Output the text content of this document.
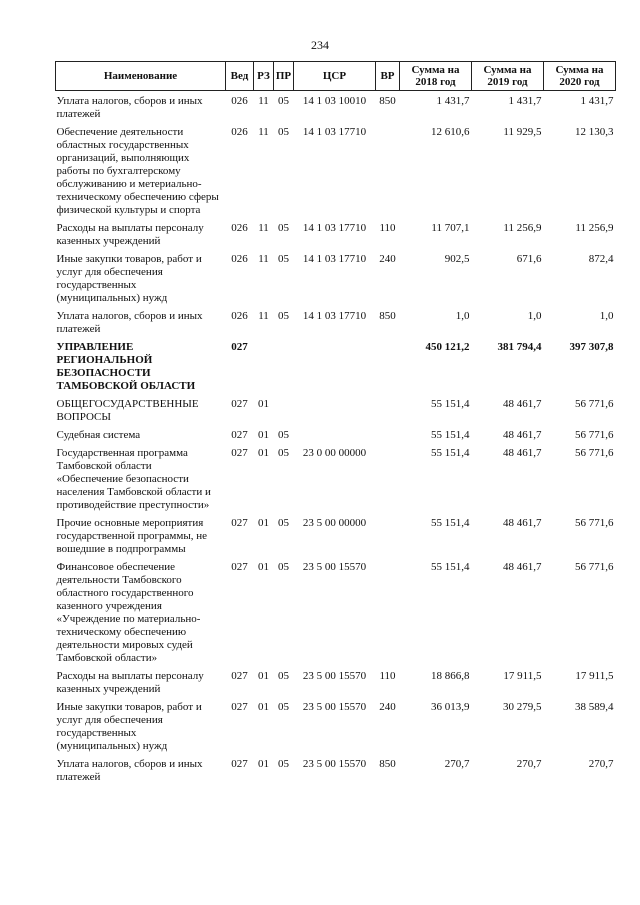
234
Наименование	Вед	РЗ	ПР	ЦСР	ВР	Сумма на 2018 год	Сумма на 2019 год	Сумма на 2020 год
Уплата налогов, сборов и иных платежей	026	11	05	14 1 03 10010	850	1 431,7	1 431,7	1 431,7
Обеспечение деятельности областных государственных организаций, выполняющих работы по бухгалтерскому обслуживанию и метериально-техническому обеспечению сферы физической культуры и спорта	026	11	05	14 1 03 17710		12 610,6	11 929,5	12 130,3
Расходы на выплаты персоналу казенных учреждений	026	11	05	14 1 03 17710	110	11 707,1	11 256,9	11 256,9
Иные закупки товаров, работ и услуг для обеспечения государственных (муниципальных) нужд	026	11	05	14 1 03 17710	240	902,5	671,6	872,4
Уплата налогов, сборов и иных платежей	026	11	05	14 1 03 17710	850	1,0	1,0	1,0
УПРАВЛЕНИЕ РЕГИОНАЛЬНОЙ БЕЗОПАСНОСТИ ТАМБОВСКОЙ ОБЛАСТИ	027					450 121,2	381 794,4	397 307,8
ОБЩЕГОСУДАРСТВЕННЫЕ ВОПРОСЫ	027	01				55 151,4	48 461,7	56 771,6
Судебная система	027	01	05			55 151,4	48 461,7	56 771,6
Государственная программа Тамбовской области «Обеспечение безопасности населения Тамбовской области и противодействие преступности»	027	01	05	23 0 00 00000		55 151,4	48 461,7	56 771,6
Прочие основные мероприятия государственной программы, не вошедшие в подпрограммы	027	01	05	23 5 00 00000		55 151,4	48 461,7	56 771,6
Финансовое обеспечение деятельности Тамбовского областного государственного казенного учреждения «Учреждение по материально-техническому обеспечению деятельности мировых судей Тамбовской области»	027	01	05	23 5 00 15570		55 151,4	48 461,7	56 771,6
Расходы на выплаты персоналу казенных учреждений	027	01	05	23 5 00 15570	110	18 866,8	17 911,5	17 911,5
Иные закупки товаров, работ и услуг для обеспечения государственных (муниципальных) нужд	027	01	05	23 5 00 15570	240	36 013,9	30 279,5	38 589,4
Уплата налогов, сборов и иных платежей	027	01	05	23 5 00 15570	850	270,7	270,7	270,7
